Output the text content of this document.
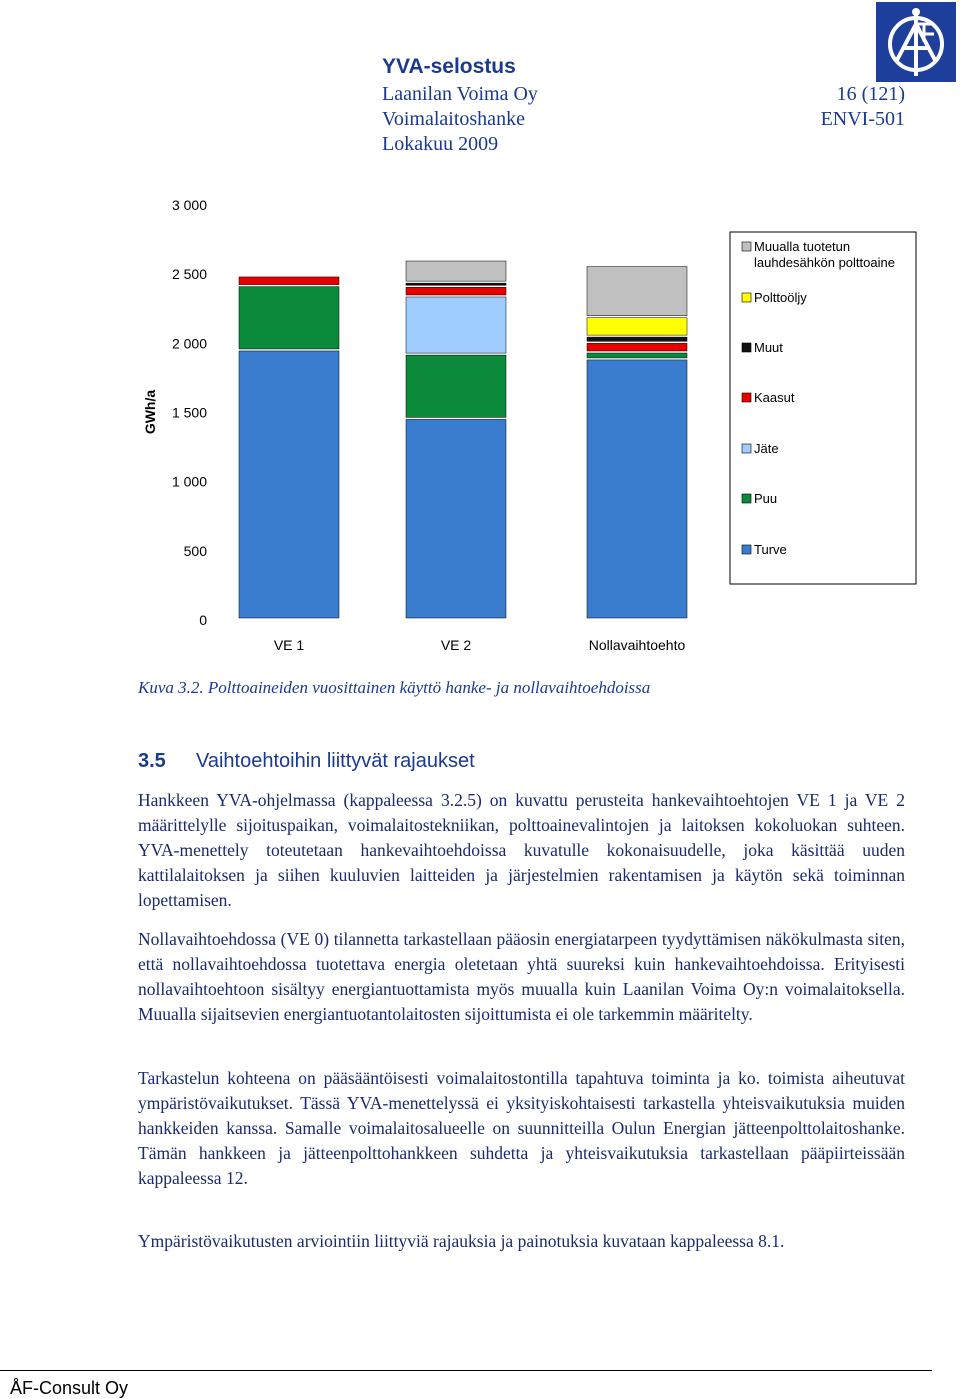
YVA-selostus
Laanilan Voima Oy
Voimalaitoshanke
Lokakuu 2009
16 (121)
ENVI-501
0
500
1 000
1 500
2 000
2 500
3 000
GWh/a
VE 1	VE 2	Nollavaihtoehto
Muualla tuotetun
lauhdesähkön polttoaine
Polttoöljy
Muut
Kaasut
Jäte
Puu
Turve
Kuva 3.2. Polttoaineiden vuosittainen käyttö hanke- ja nollavaihtoehdoissa
3.5 Vaihtoehtoihin liittyvät rajaukset

Hankkeen YVA-ohjelmassa (kappaleessa 3.2.5) on kuvattu perusteita hankevaihtoehtojen VE 1 ja VE 2 määrittelylle sijoituspaikan, voimalaitostekniikan, polttoainevalintojen ja laitoksen kokoluokan suhteen. YVA-menettely toteutetaan hankevaihtoehdoissa kuvatulle kokonaisuudelle, joka käsittää uuden kattilalaitoksen ja siihen kuuluvien laitteiden ja järjestelmien rakentamisen ja käytön sekä toiminnan lopettamisen.

Nollavaihtoehdossa (VE 0) tilannetta tarkastellaan pääosin energiatarpeen tyydyttämisen näkökulmasta siten, että nollavaihtoehdossa tuotettava energia oletetaan yhtä suureksi kuin hankevaihtoehdoissa. Erityisesti nollavaihtoehtoon sisältyy energiantuottamista myös muualla kuin Laanilan Voima Oy:n voimalaitoksella. Muualla sijaitsevien energiantuotantolaitosten sijoittumista ei ole tarkemmin määritelty.

Tarkastelun kohteena on pääsääntöisesti voimalaitostontilla tapahtuva toiminta ja ko. toimista aiheutuvat ympäristövaikutukset. Tässä YVA-menettelyssä ei yksityiskohtaisesti tarkastella yhteisvaikutuksia muiden hankkeiden kanssa. Samalle voimalaitosalueelle on suunnitteilla Oulun Energian jätteenpolttolaitoshanke. Tämän hankkeen ja jätteenpolttohankkeen suhdetta ja yhteisvaikutuksia tarkastellaan pääpiirteissään kappaleessa 12.

Ympäristövaikutusten arviointiin liittyviä rajauksia ja painotuksia kuvataan kappaleessa 8.1.

ÅF-Consult Oy
